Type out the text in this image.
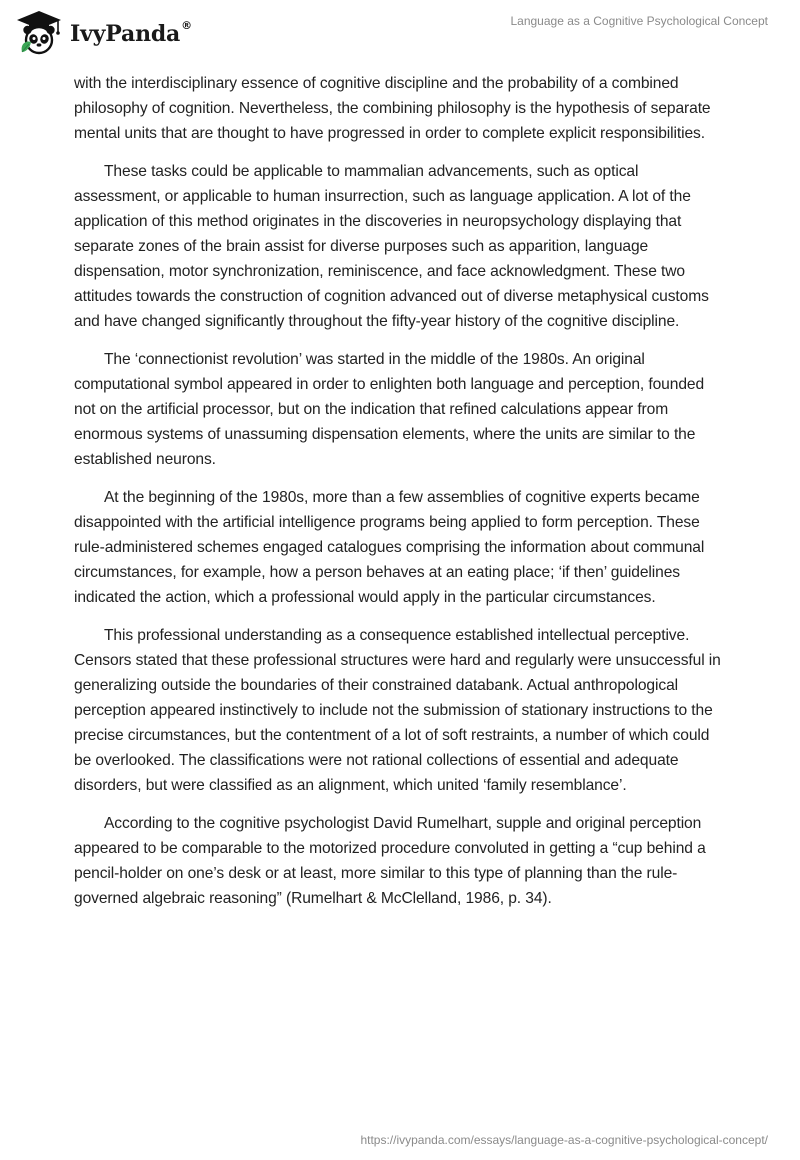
IvyPanda®	Language as a Cognitive Psychological Concept

with the interdisciplinary essence of cognitive discipline and the probability of a combined philosophy of cognition. Nevertheless, the combining philosophy is the hypothesis of separate mental units that are thought to have progressed in order to complete explicit responsibilities.

These tasks could be applicable to mammalian advancements, such as optical assessment, or applicable to human insurrection, such as language application. A lot of the application of this method originates in the discoveries in neuropsychology displaying that separate zones of the brain assist for diverse purposes such as apparition, language dispensation, motor synchronization, reminiscence, and face acknowledgment. These two attitudes towards the construction of cognition advanced out of diverse metaphysical customs and have changed significantly throughout the fifty-year history of the cognitive discipline.

The ‘connectionist revolution’ was started in the middle of the 1980s. An original computational symbol appeared in order to enlighten both language and perception, founded not on the artificial processor, but on the indication that refined calculations appear from enormous systems of unassuming dispensation elements, where the units are similar to the established neurons.

At the beginning of the 1980s, more than a few assemblies of cognitive experts became disappointed with the artificial intelligence programs being applied to form perception. These rule-administered schemes engaged catalogues comprising the information about communal circumstances, for example, how a person behaves at an eating place; ‘if then’ guidelines indicated the action, which a professional would apply in the particular circumstances.

This professional understanding as a consequence established intellectual perceptive. Censors stated that these professional structures were hard and regularly were unsuccessful in generalizing outside the boundaries of their constrained databank. Actual anthropological perception appeared instinctively to include not the submission of stationary instructions to the precise circumstances, but the contentment of a lot of soft restraints, a number of which could be overlooked. The classifications were not rational collections of essential and adequate disorders, but were classified as an alignment, which united ‘family resemblance’.

According to the cognitive psychologist David Rumelhart, supple and original perception appeared to be comparable to the motorized procedure convoluted in getting a “cup behind a pencil-holder on one’s desk or at least, more similar to this type of planning than the rule-governed algebraic reasoning” (Rumelhart & McClelland, 1986, p. 34).

https://ivypanda.com/essays/language-as-a-cognitive-psychological-concept/
